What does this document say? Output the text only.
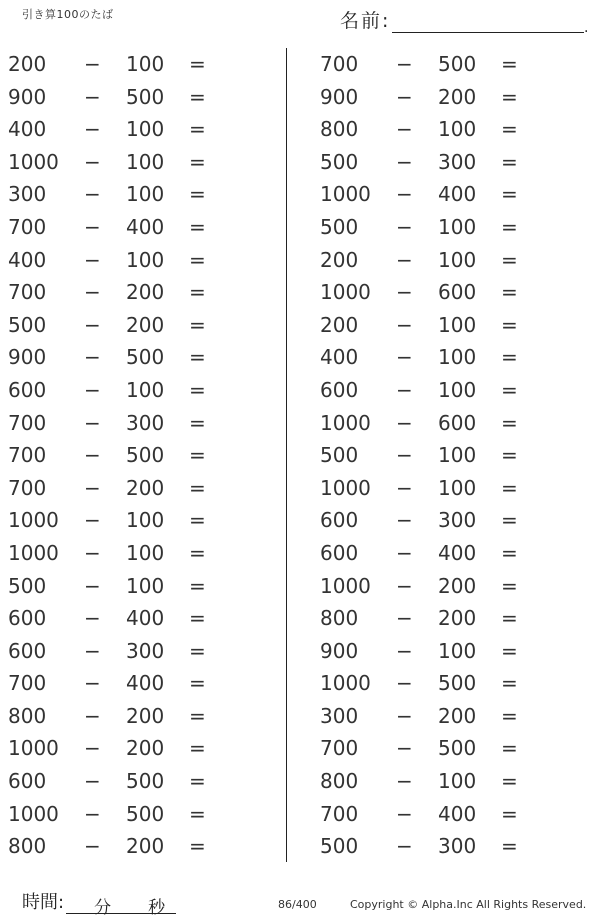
引き算100のたば	名前:
.
200	− 100 =
900	− 500 =
400	− 100 =
1000	− 100 =
300	− 100 =
700	− 400 =
400	− 100 =
700	− 200 =
500	− 200 =
900	− 500 =
600	− 100 =
700	− 300 =
700	− 500 =
700	− 200 =
1000	− 100 =
1000	− 100 =
500	− 100 =
600	− 400 =
600	− 300 =
700	− 400 =
800	− 200 =
1000	− 200 =
600	− 500 =
1000	− 500 =
800	− 200 =
700	− 500 =
900	− 200 =
800	− 100 =
500	− 300 =
1000	− 400 =
500	− 100 =
200	− 100 =
1000	− 600 =
200	− 100 =
400	− 100 =
600	− 100 =
1000	− 600 =
500	− 100 =
1000	− 100 =
600	− 300 =
600	− 400 =
1000	− 200 =
800	− 200 =
900	− 100 =
1000	− 500 =
300	− 200 =
700	− 500 =
800	− 100 =
700	− 400 =
500	− 300 =
時間: 分 秒	86/400	Copyright © Alpha.Inc All Rights Reserved.
